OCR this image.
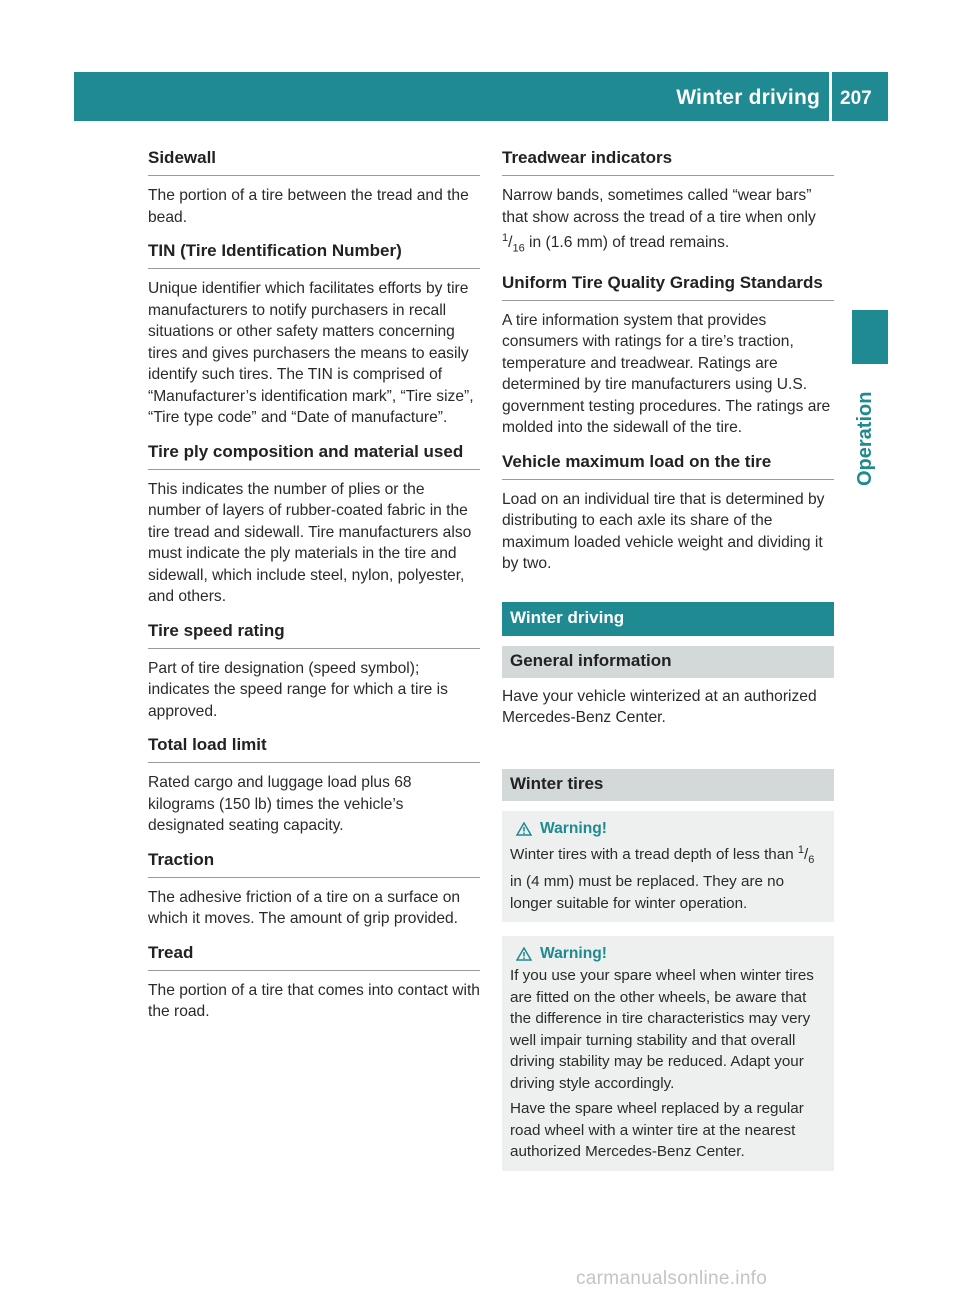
Winter driving 207
Operation
Sidewall

The portion of a tire between the tread and the bead.

TIN (Tire Identification Number)

Unique identifier which facilitates efforts by tire manufacturers to notify purchasers in recall situations or other safety matters concerning tires and gives purchasers the means to easily identify such tires. The TIN is comprised of “Manufacturer’s identification mark”, “Tire size”, “Tire type code” and “Date of manufacture”.

Tire ply composition and material used

This indicates the number of plies or the number of layers of rubber-coated fabric in the tire tread and sidewall. Tire manufacturers also must indicate the ply materials in the tire and sidewall, which include steel, nylon, polyester, and others.

Tire speed rating

Part of tire designation (speed symbol); indicates the speed range for which a tire is approved.

Total load limit

Rated cargo and luggage load plus 68 kilograms (150 lb) times the vehicle’s designated seating capacity.

Traction

The adhesive friction of a tire on a surface on which it moves. The amount of grip provided.

Tread

The portion of a tire that comes into contact with the road.

Treadwear indicators

Narrow bands, sometimes called “wear bars” that show across the tread of a tire when only $^1/_{16}$ in (1.6 mm) of tread remains.

Uniform Tire Quality Grading Standards

A tire information system that provides consumers with ratings for a tire’s traction, temperature and treadwear. Ratings are determined by tire manufacturers using U.S. government testing procedures. The ratings are molded into the sidewall of the tire.

Vehicle maximum load on the tire

Load on an individual tire that is determined by distributing to each axle its share of the maximum loaded vehicle weight and dividing it by two.

Winter driving
General information
Have your vehicle winterized at an authorized Mercedes-Benz Center.
Winter tires
Warning!

Winter tires with a tread depth of less than $^1/_6$ in (4 mm) must be replaced. They are no longer suitable for winter operation.

Warning!

If you use your spare wheel when winter tires are fitted on the other wheels, be aware that the difference in tire characteristics may very well impair turning stability and that overall driving stability may be reduced. Adapt your driving style accordingly.

Have the spare wheel replaced by a regular road wheel with a winter tire at the nearest authorized Mercedes-Benz Center.

carmanualsonline.info
